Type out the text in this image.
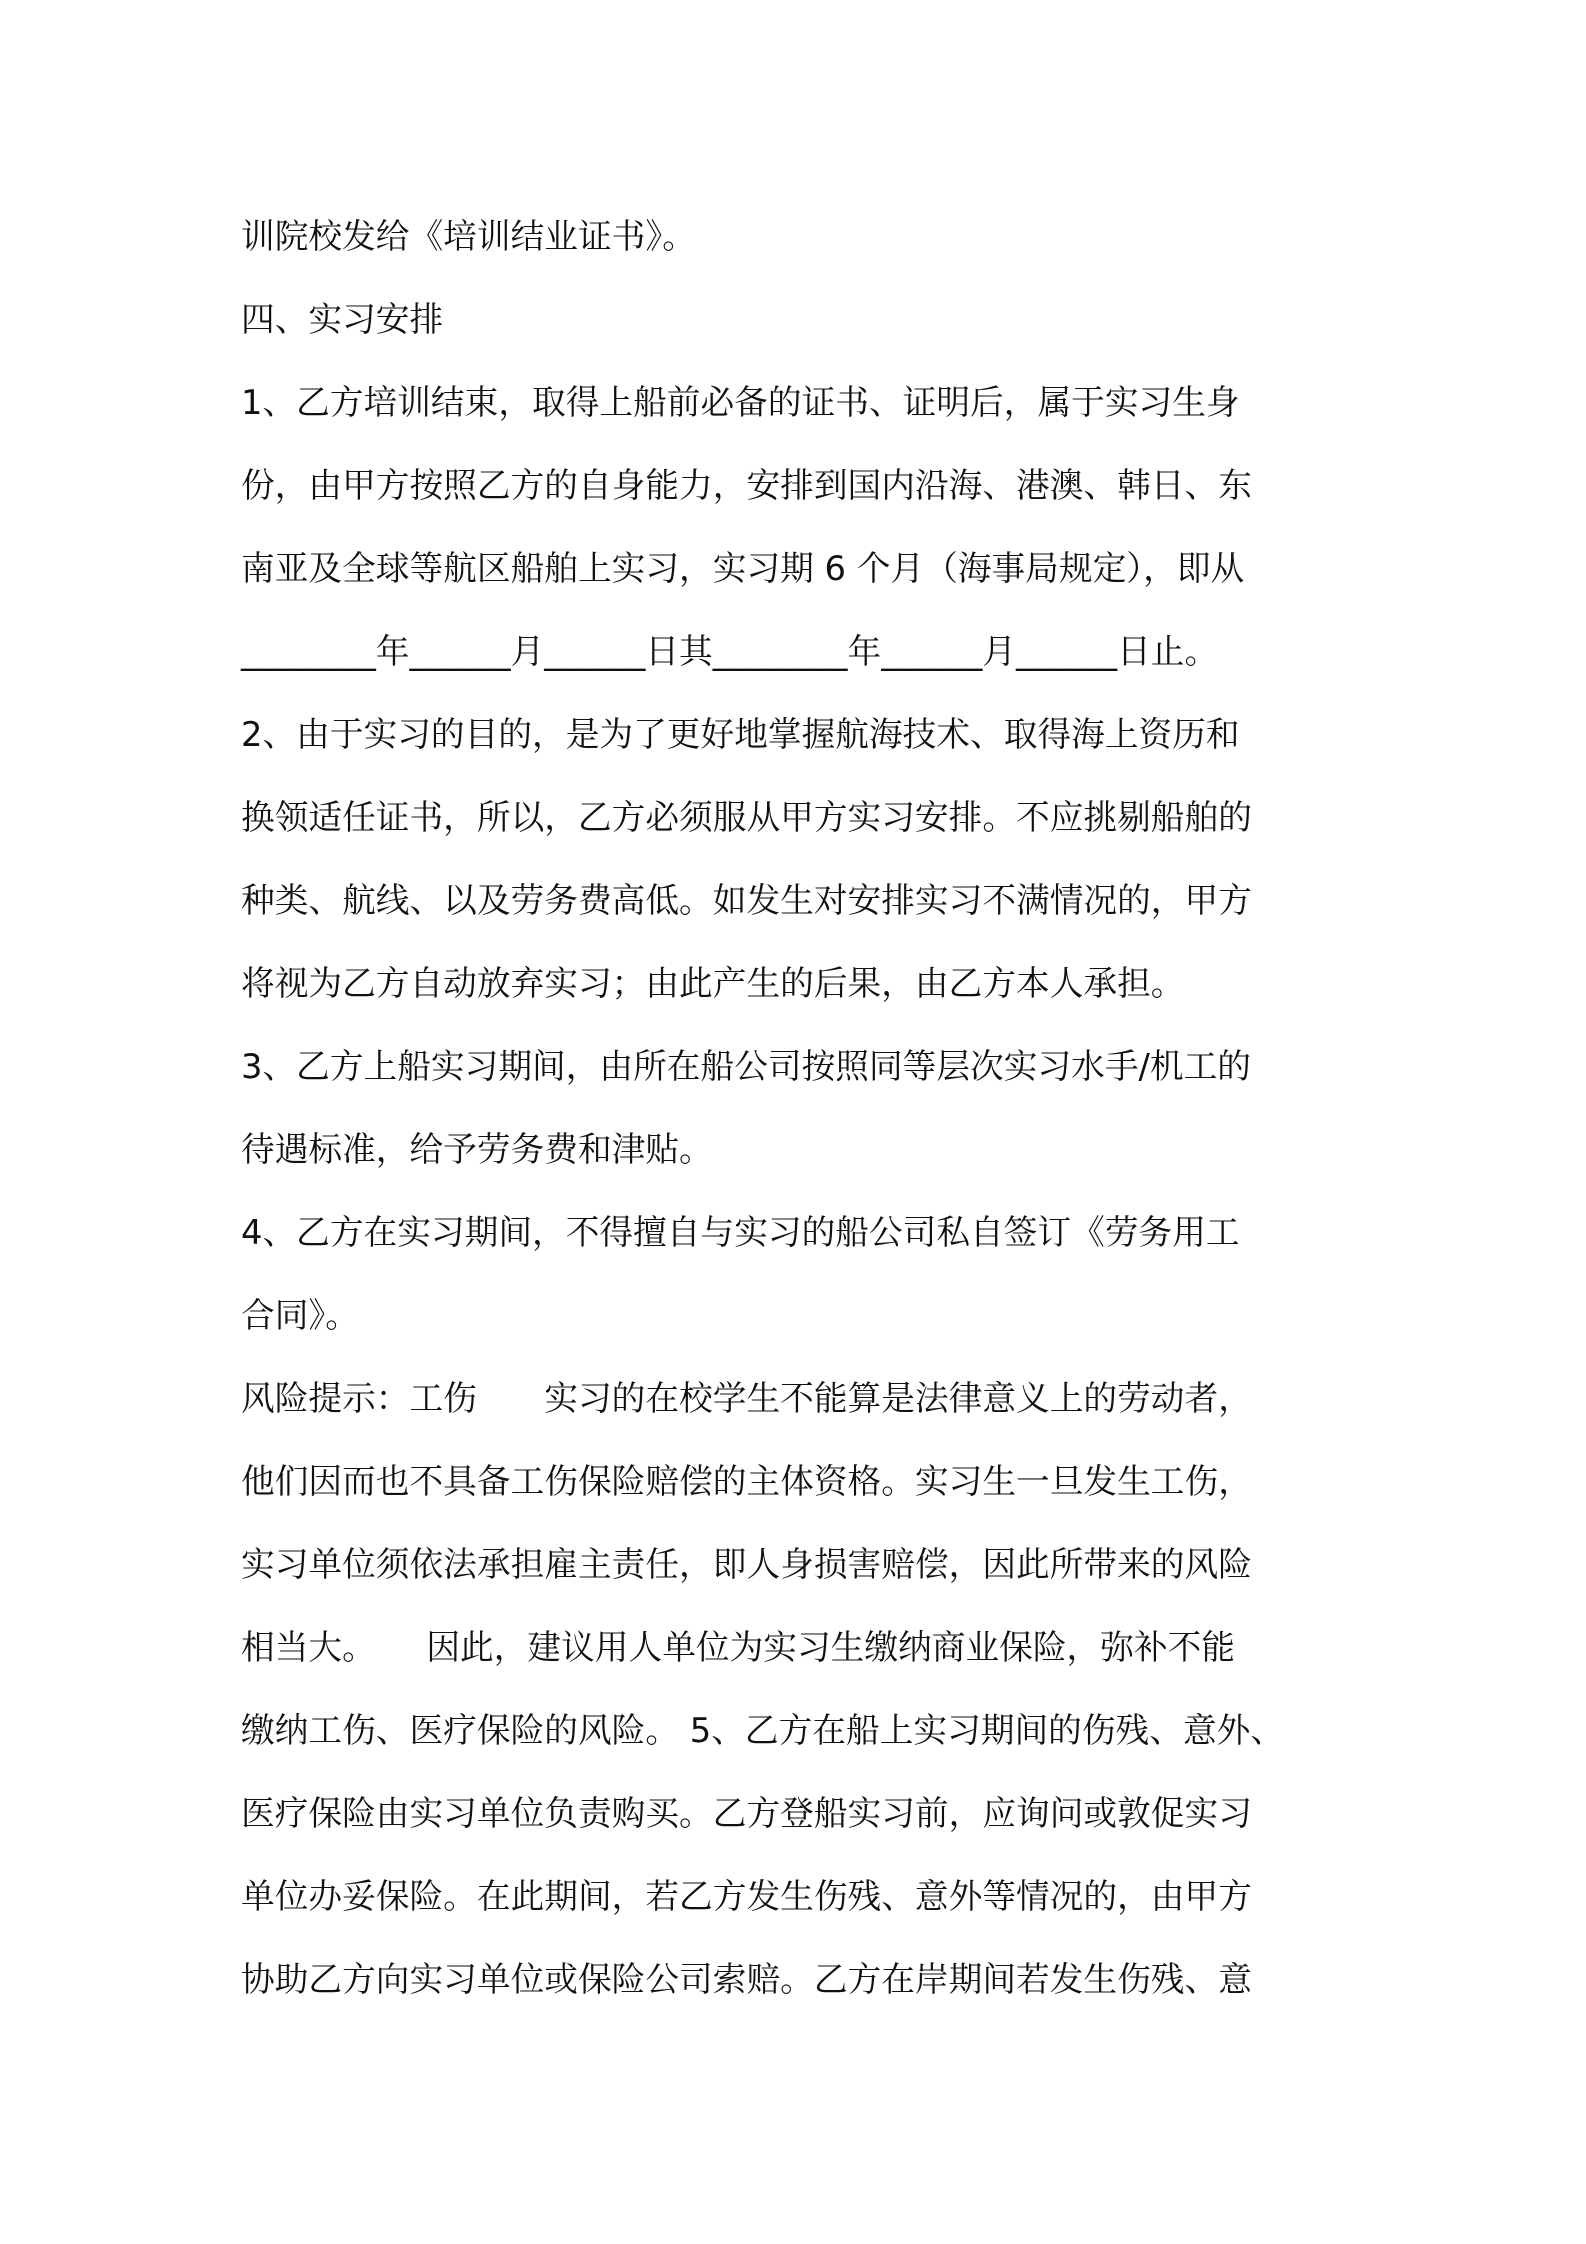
训院校发给《培训结业证书》。
四、实习安排
1、乙方培训结束，取得上船前必备的证书、证明后，属于实习生身
份，由甲方按照乙方的自身能力，安排到国内沿海、港澳、韩日、东
南亚及全球等航区船舶上实习，实习期 6 个月（海事局规定），即从
________年______月______日其________年______月______日止。
2、由于实习的目的，是为了更好地掌握航海技术、取得海上资历和
换领适任证书，所以，乙方必须服从甲方实习安排。不应挑剔船舶的
种类、航线、以及劳务费高低。如发生对安排实习不满情况的，甲方
将视为乙方自动放弃实习；由此产生的后果，由乙方本人承担。
3、乙方上船实习期间，由所在船公司按照同等层次实习水手/机工的
待遇标准，给予劳务费和津贴。
4、乙方在实习期间，不得擅自与实习的船公司私自签订《劳务用工
合同》。
风险提示：工伤　　实习的在校学生不能算是法律意义上的劳动者，
他们因而也不具备工伤保险赔偿的主体资格。实习生一旦发生工伤，
实习单位须依法承担雇主责任，即人身损害赔偿，因此所带来的风险
相当大。　　因此，建议用人单位为实习生缴纳商业保险，弥补不能
缴纳工伤、医疗保险的风险。 5、乙方在船上实习期间的伤残、意外、
医疗保险由实习单位负责购买。乙方登船实习前，应询问或敦促实习
单位办妥保险。在此期间，若乙方发生伤残、意外等情况的，由甲方
协助乙方向实习单位或保险公司索赔。乙方在岸期间若发生伤残、意
